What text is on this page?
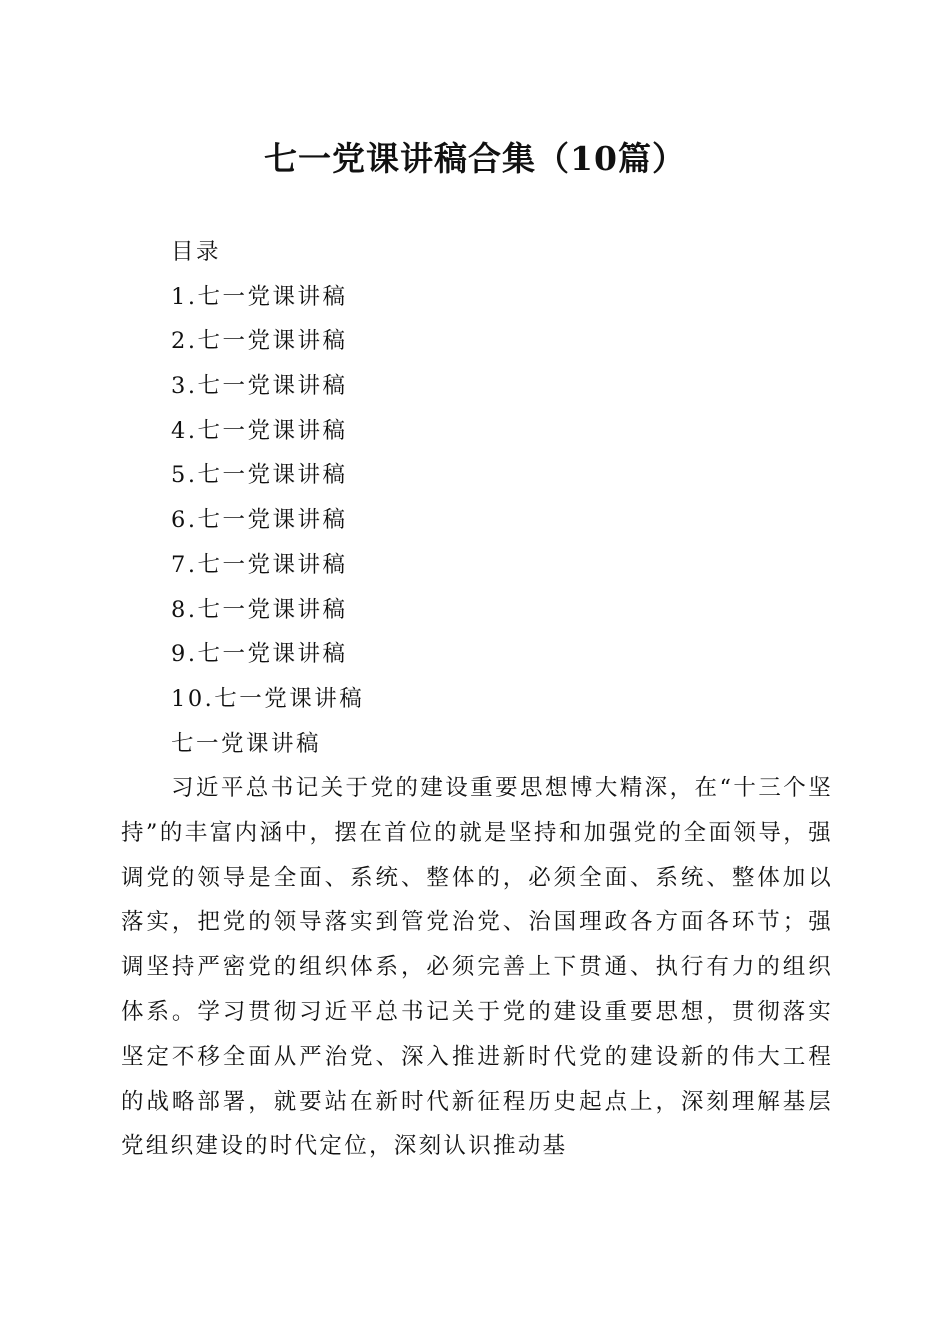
七一党课讲稿合集（10篇）
目录
1.七一党课讲稿
2.七一党课讲稿
3.七一党课讲稿
4.七一党课讲稿
5.七一党课讲稿
6.七一党课讲稿
7.七一党课讲稿
8.七一党课讲稿
9.七一党课讲稿
10.七一党课讲稿
七一党课讲稿

习近平总书记关于党的建设重要思想博大精深，在“十三个坚持”的丰富内涵中，摆在首位的就是坚持和加强党的全面领导，强调党的领导是全面、系统、整体的，必须全面、系统、整体加以落实，把党的领导落实到管党治党、治国理政各方面各环节；强调坚持严密党的组织体系，必须完善上下贯通、执行有力的组织体系。学习贯彻习近平总书记关于党的建设重要思想，贯彻落实坚定不移全面从严治党、深入推进新时代党的建设新的伟大工程的战略部署，就要站在新时代新征程历史起点上，深刻理解基层党组织建设的时代定位，深刻认识推动基
